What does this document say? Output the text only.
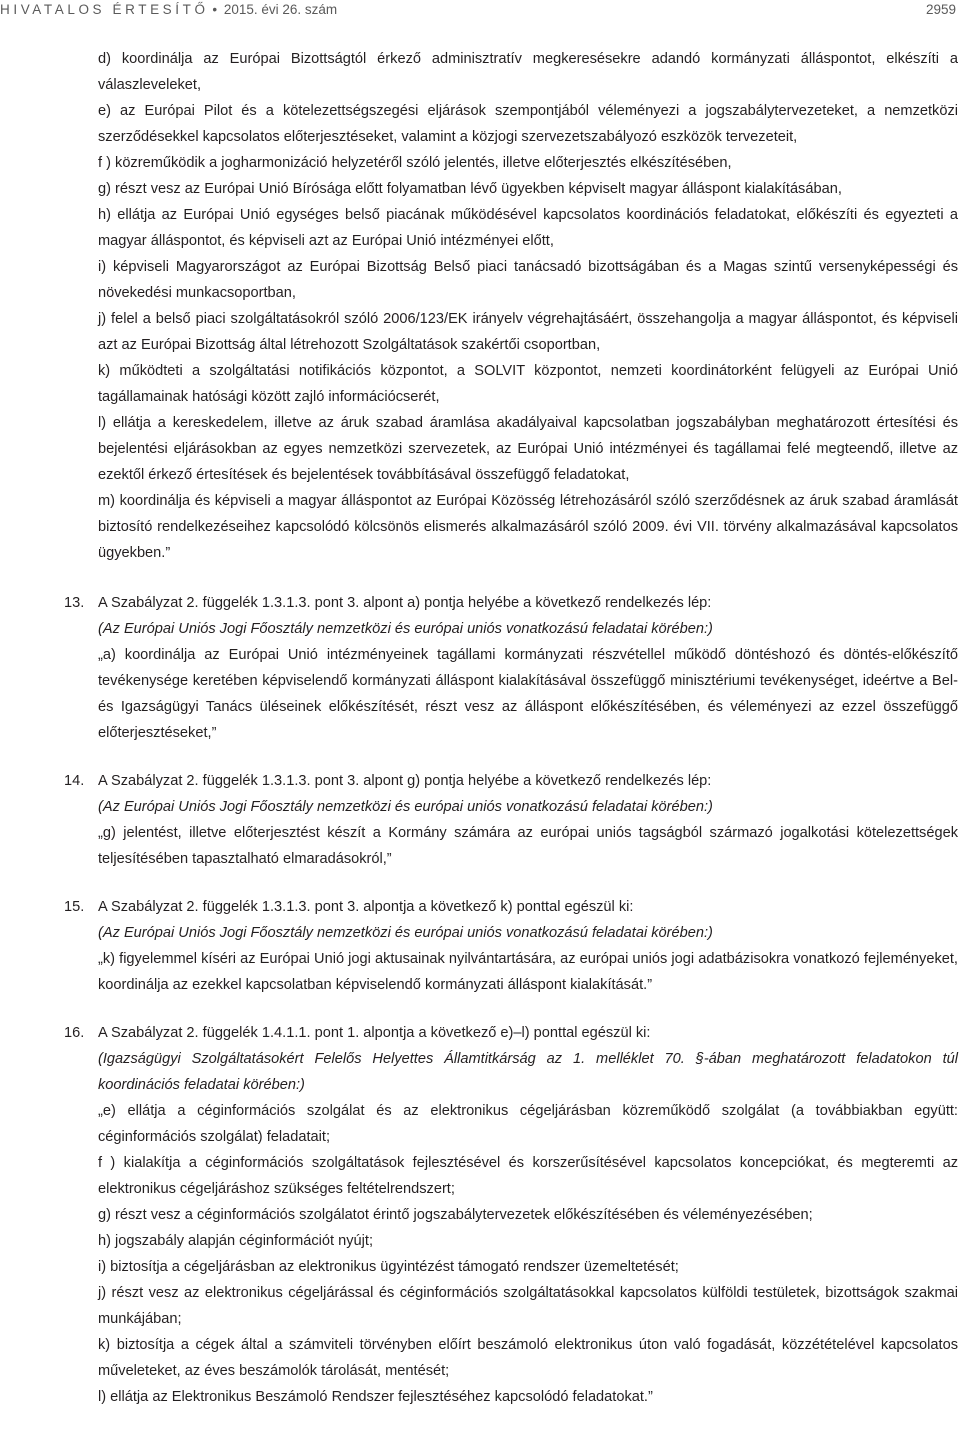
HIVATALOS ÉRTESÍTŐ • 2015. évi 26. szám	2959

d) koordinálja az Európai Bizottságtól érkező adminisztratív megkeresésekre adandó kormányzati álláspontot, elkészíti a válaszleveleket,

e) az Európai Pilot és a kötelezettségszegési eljárások szempontjából véleményezi a jogszabálytervezeteket, a nemzetközi szerződésekkel kapcsolatos előterjesztéseket, valamint a közjogi szervezetszabályozó eszközök tervezeteit,

f ) közreműködik a jogharmonizáció helyzetéről szóló jelentés, illetve előterjesztés elkészítésében,

g) részt vesz az Európai Unió Bírósága előtt folyamatban lévő ügyekben képviselt magyar álláspont kialakításában,

h) ellátja az Európai Unió egységes belső piacának működésével kapcsolatos koordinációs feladatokat, előkészíti és egyezteti a magyar álláspontot, és képviseli azt az Európai Unió intézményei előtt,

i) képviseli Magyarországot az Európai Bizottság Belső piaci tanácsadó bizottságában és a Magas szintű versenyképességi és növekedési munkacsoportban,

j) felel a belső piaci szolgáltatásokról szóló 2006/123/EK irányelv végrehajtásáért, összehangolja a magyar álláspontot, és képviseli azt az Európai Bizottság által létrehozott Szolgáltatások szakértői csoportban,

k) működteti a szolgáltatási notifikációs központot, a SOLVIT központot, nemzeti koordinátorként felügyeli az Európai Unió tagállamainak hatósági között zajló információcserét,

l) ellátja a kereskedelem, illetve az áruk szabad áramlása akadályaival kapcsolatban jogszabályban meghatározott értesítési és bejelentési eljárásokban az egyes nemzetközi szervezetek, az Európai Unió intézményei és tagállamai felé megteendő, illetve az ezektől érkező értesítések és bejelentések továbbításával összefüggő feladatokat,

m) koordinálja és képviseli a magyar álláspontot az Európai Közösség létrehozásáról szóló szerződésnek az áruk szabad áramlását biztosító rendelkezéseihez kapcsolódó kölcsönös elismerés alkalmazásáról szóló 2009. évi VII. törvény alkalmazásával kapcsolatos ügyekben.”

13. A Szabályzat 2. függelék 1.3.1.3. pont 3. alpont a) pontja helyébe a következő rendelkezés lép:

(Az Európai Uniós Jogi Főosztály nemzetközi és európai uniós vonatkozású feladatai körében:)

„a) koordinálja az Európai Unió intézményeinek tagállami kormányzati részvétellel működő döntéshozó és döntés-előkészítő tevékenysége keretében képviselendő kormányzati álláspont kialakításával összefüggő minisztériumi tevékenységet, ideértve a Bel- és Igazságügyi Tanács üléseinek előkészítését, részt vesz az álláspont előkészítésében, és véleményezi az ezzel összefüggő előterjesztéseket,”

14. A Szabályzat 2. függelék 1.3.1.3. pont 3. alpont g) pontja helyébe a következő rendelkezés lép:

(Az Európai Uniós Jogi Főosztály nemzetközi és európai uniós vonatkozású feladatai körében:)

„g) jelentést, illetve előterjesztést készít a Kormány számára az európai uniós tagságból származó jogalkotási kötelezettségek teljesítésében tapasztalható elmaradásokról,”

15. A Szabályzat 2. függelék 1.3.1.3. pont 3. alpontja a következő k) ponttal egészül ki:

(Az Európai Uniós Jogi Főosztály nemzetközi és európai uniós vonatkozású feladatai körében:)

„k) figyelemmel kíséri az Európai Unió jogi aktusainak nyilvántartására, az európai uniós jogi adatbázisokra vonatkozó fejleményeket, koordinálja az ezekkel kapcsolatban képviselendő kormányzati álláspont kialakítását.”

16. A Szabályzat 2. függelék 1.4.1.1. pont 1. alpontja a következő e)–l) ponttal egészül ki:

(Igazságügyi Szolgáltatásokért Felelős Helyettes Államtitkárság az 1. melléklet 70. §-ában meghatározott feladatokon túl koordinációs feladatai körében:)

„e) ellátja a céginformációs szolgálat és az elektronikus cégeljárásban közreműködő szolgálat (a továbbiakban együtt: céginformációs szolgálat) feladatait;

f ) kialakítja a céginformációs szolgáltatások fejlesztésével és korszerűsítésével kapcsolatos koncepciókat, és megteremti az elektronikus cégeljáráshoz szükséges feltételrendszert;

g) részt vesz a céginformációs szolgálatot érintő jogszabálytervezetek előkészítésében és véleményezésében;

h) jogszabály alapján céginformációt nyújt;

i) biztosítja a cégeljárásban az elektronikus ügyintézést támogató rendszer üzemeltetését;

j) részt vesz az elektronikus cégeljárással és céginformációs szolgáltatásokkal kapcsolatos külföldi testületek, bizottságok szakmai munkájában;

k) biztosítja a cégek által a számviteli törvényben előírt beszámoló elektronikus úton való fogadását, közzétételével kapcsolatos műveleteket, az éves beszámolók tárolását, mentését;

l) ellátja az Elektronikus Beszámoló Rendszer fejlesztéséhez kapcsolódó feladatokat.”
